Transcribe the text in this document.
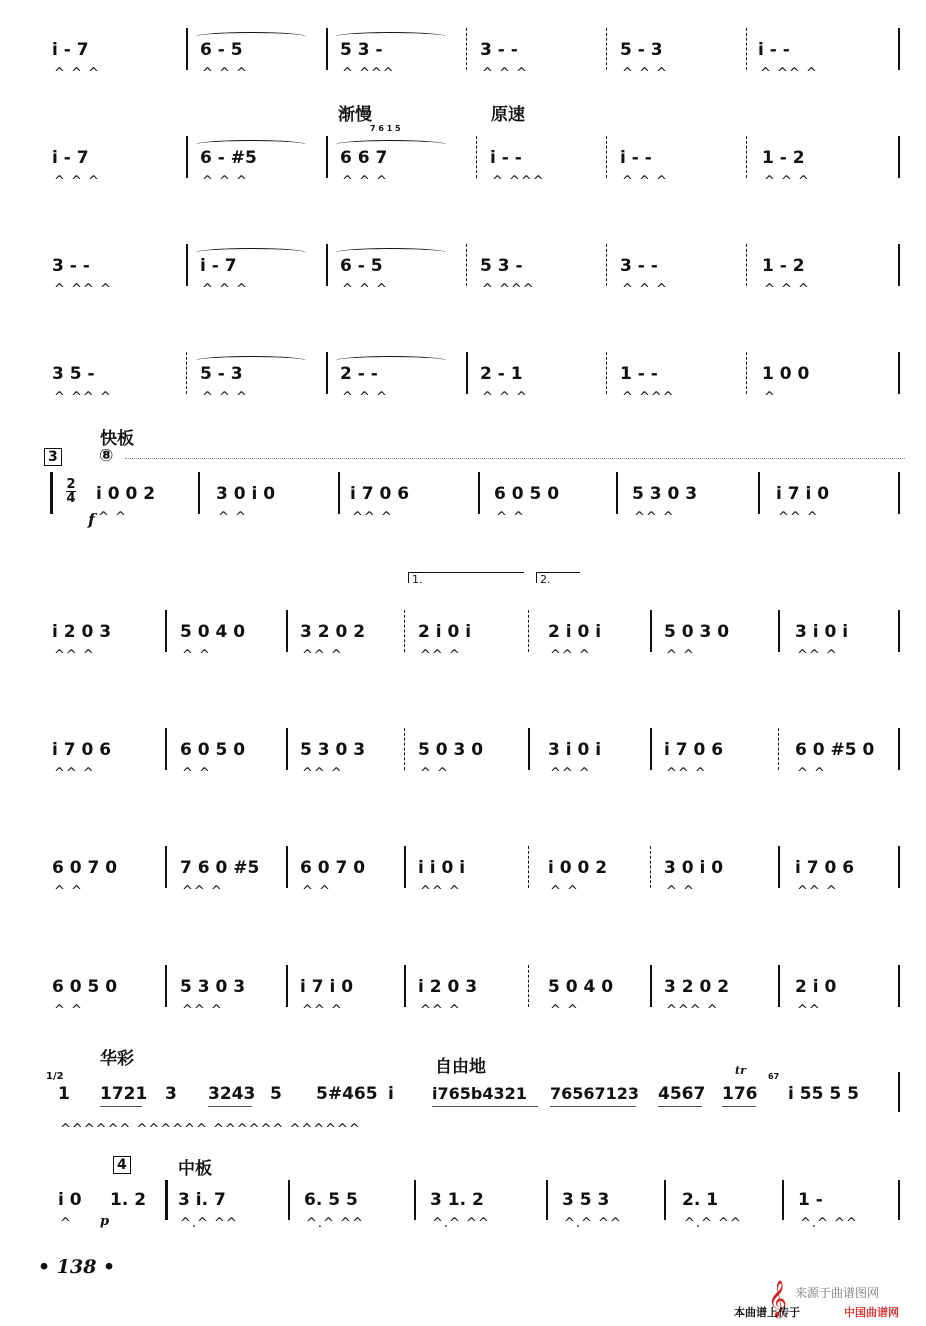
i - 7
^ ^ ^
6 - 5
^ ^ ^
5 3 -
^ ^^^
3 - -
^ ^ ^
5 - 3
^ ^ ^
i - -
^ ^^ ^
i - 7
^ ^ ^
6 - #5
^ ^ ^
6 6 7
^ ^ ^
i - -
^ ^^^
i - -
^ ^ ^
1 - 2
^ ^ ^
3 - -
^ ^^ ^
i - 7
^ ^ ^
6 - 5
^ ^ ^
5 3 -
^ ^^^
3 - -
^ ^ ^
1 - 2
^ ^ ^
3 5 -
^ ^^ ^
5 - 3
^ ^ ^
2 - -
^ ^ ^
2 - 1
^ ^ ^
1 - -
^ ^^^
1 0 0
^
渐慢	原速
7 6 1 5
快板
3 ⑧
2
4
f
1.	2.
i 0 0 2
^ ^
3 0 i 0
^ ^
i 7 0 6
^^ ^
6 0 5 0
^ ^
5 3 0 3
^^ ^
i 7 i 0
^^ ^
i 2 0 3
^^ ^
5 0 4 0
^ ^
3 2 0 2
^^ ^
2 i 0 i
^^ ^
2 i 0 i
^^ ^
5 0 3 0
^ ^
3 i 0 i
^^ ^
i 7 0 6
^^ ^
6 0 5 0
^ ^
5 3 0 3
^^ ^
5 0 3 0
^ ^
3 i 0 i
^^ ^
i 7 0 6
^^ ^
6 0 #5 0
^ ^
6 0 7 0
^ ^
7 6 0 #5
^^ ^
6 0 7 0
^ ^
i i 0 i
^^ ^
i 0 0 2
^ ^
3 0 i 0
^ ^
i 7 0 6
^^ ^
6 0 5 0
^ ^
5 3 0 3
^^ ^
i 7 i 0
^^ ^
i 2 0 3
^^ ^
5 0 4 0
^ ^
3 2 0 2
^^^ ^
2 i 0
^^
华彩	自由地
1 1721 3 3243 5 5#465 i i765b4321 76567123 4567 176 i 55 5 5
^^^^^^ ^^^^^^ ^^^^^^ ^^^^^^
tr	67
1/2
4	中板
i 0
^
1. 2 3 i. 7
^.^ ^^
6. 5 5
^.^ ^^
3 1. 2
^.^ ^^
3 5 3
^.^ ^^
2. 1
^.^ ^^
1 -
^.^ ^^
p
• 138 •
𝄞 来源于曲谱图网
本曲谱上传于	中国曲谱网
